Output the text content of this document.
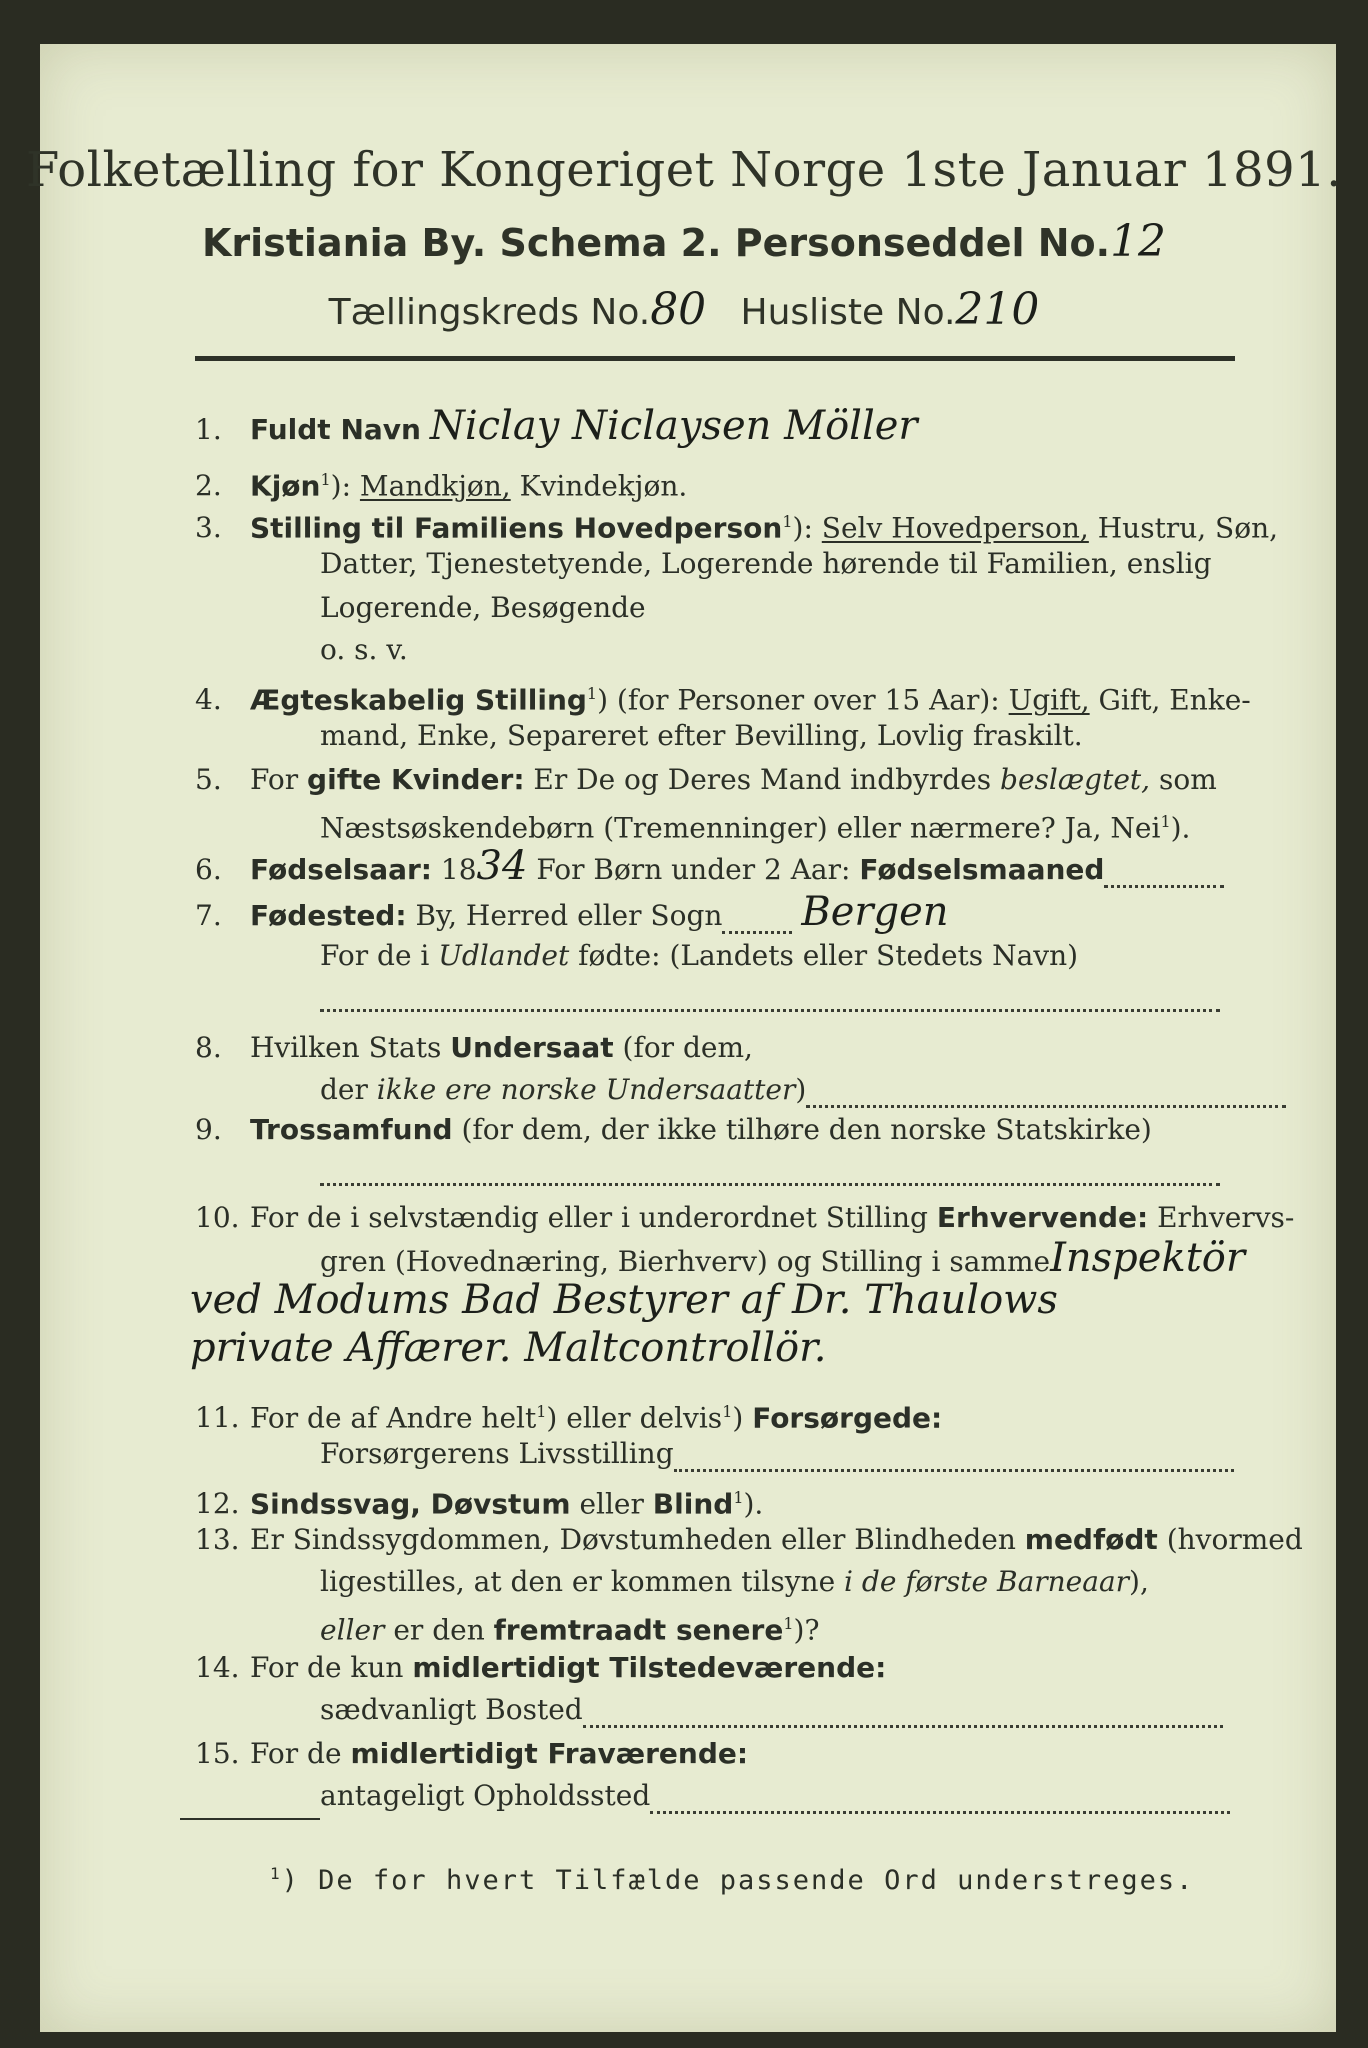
Folketælling for Kongeriget Norge 1ste Januar 1891.
Kristiania By. Schema 2. Personseddel No.12
Tællingskreds No.80 Husliste No.210
1. Fuldt Navn Niclay Niclaysen Möller
2. Kjøn$^1$): Mandkjøn, Kvindekjøn.
3. Stilling til Familiens Hovedperson$^1$): Selv Hovedperson, Hustru, Søn,
Datter, Tjenestetyende, Logerende hørende til Familien, enslig
Logerende, Besøgende
o. s. v.
4. Ægteskabelig Stilling$^1$) (for Personer over 15 Aar): Ugift, Gift, Enke-
mand, Enke, Separeret efter Bevilling, Lovlig fraskilt.
5. For gifte Kvinder: Er De og Deres Mand indbyrdes beslægtet, som
Næstsøskendebørn (Tremenninger) eller nærmere? Ja, Nei$^1$).
6. Fødselsaar: 1834 For Børn under 2 Aar: Fødselsmaaned
7. Fødested: By, Herred eller Sogn Bergen
For de i Udlandet fødte: (Landets eller Stedets Navn)
8. Hvilken Stats Undersaat (for dem,
der ikke ere norske Undersaatter)
9. Trossamfund (for dem, der ikke tilhøre den norske Statskirke)
10. For de i selvstændig eller i underordnet Stilling Erhvervende: Erhvervs-
gren (Hovednæring, Bierhverv) og Stilling i sammeInspektör
ved Modums Bad Bestyrer af Dr. Thaulows
private Affærer. Maltcontrollör.
11. For de af Andre helt$^1$) eller delvis$^1$) Forsørgede:
Forsørgerens Livsstilling
12. Sindssvag, Døvstum eller Blind$^1$).
13. Er Sindssygdommen, Døvstumheden eller Blindheden medfødt (hvormed
ligestilles, at den er kommen tilsyne i de første Barneaar),
eller er den fremtraadt senere$^1$)?
14. For de kun midlertidigt Tilstedeværende:
sædvanligt Bosted
15. For de midlertidigt Fraværende:
antageligt Opholdssted
$^1$) De for hvert Tilfælde passende Ord understreges.
